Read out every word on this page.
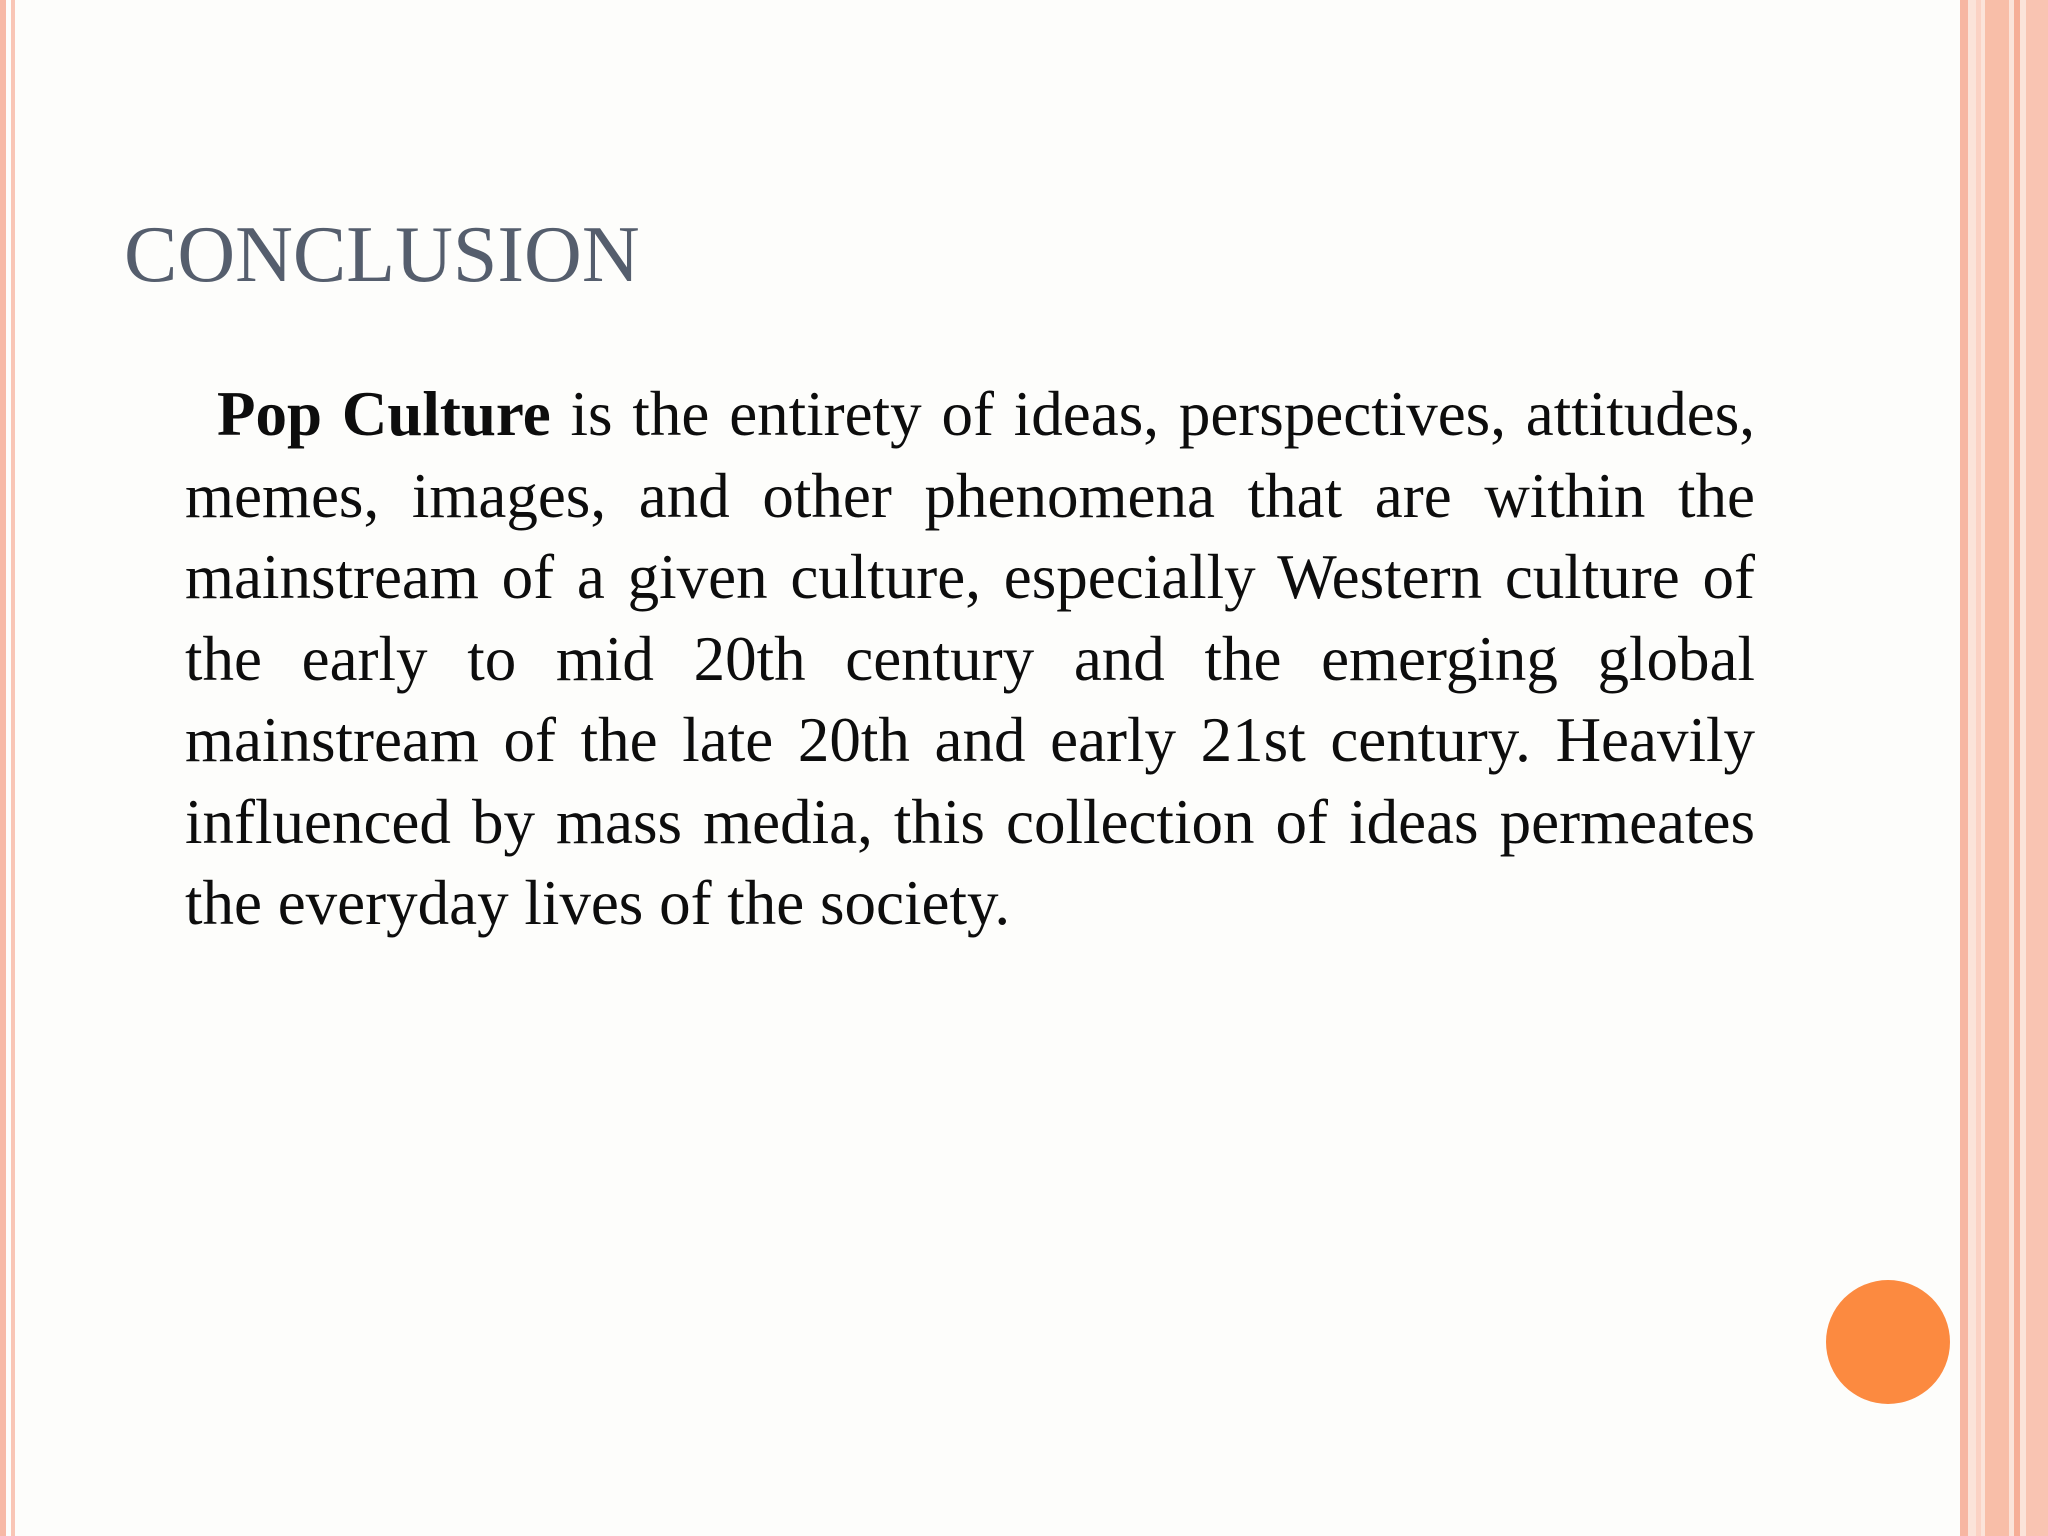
CONCLUSION

Pop Culture is the entirety of ideas, perspectives, attitudes, memes, images, and other phenomena that are within the mainstream of a given culture, especially Western culture of the early to mid 20th century and the emerging global mainstream of the late 20th and early 21st century. Heavily influenced by mass media, this collection of ideas permeates the everyday lives of the society.
